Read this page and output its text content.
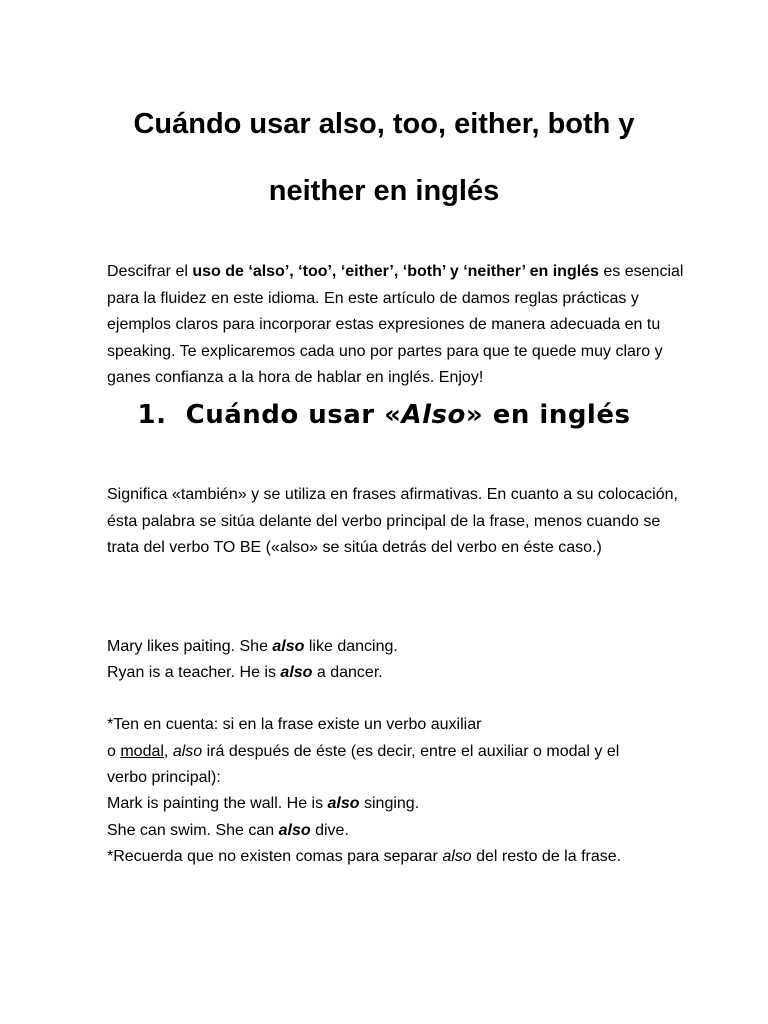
Cuándo usar also, too, either, both y
neither en inglés

Descifrar el uso de ‘also’, ‘too’, ‘either’, ‘both’ y ‘neither’ en inglés es esencial para la fluidez en este idioma. En este artículo de damos reglas prácticas y ejemplos claros para incorporar estas expresiones de manera adecuada en tu speaking. Te explicaremos cada uno por partes para que te quede muy claro y ganes confianza a la hora de hablar en inglés. Enjoy!

1. Cuándo usar «Also» en inglés

Significa «también» y se utiliza en frases afirmativas. En cuanto a su colocación, ésta palabra se sitúa delante del verbo principal de la frase, menos cuando se trata del verbo TO BE («also» se sitúa detrás del verbo en éste caso.)

Mary likes paiting. She also like dancing.

Ryan is a teacher. He is also a dancer.

*Ten en cuenta: si en la frase existe un verbo auxiliar

o modal, also irá después de éste (es decir, entre el auxiliar o modal y el

verbo principal):

Mark is painting the wall. He is also singing.

She can swim. She can also dive.

*Recuerda que no existen comas para separar also del resto de la frase.
